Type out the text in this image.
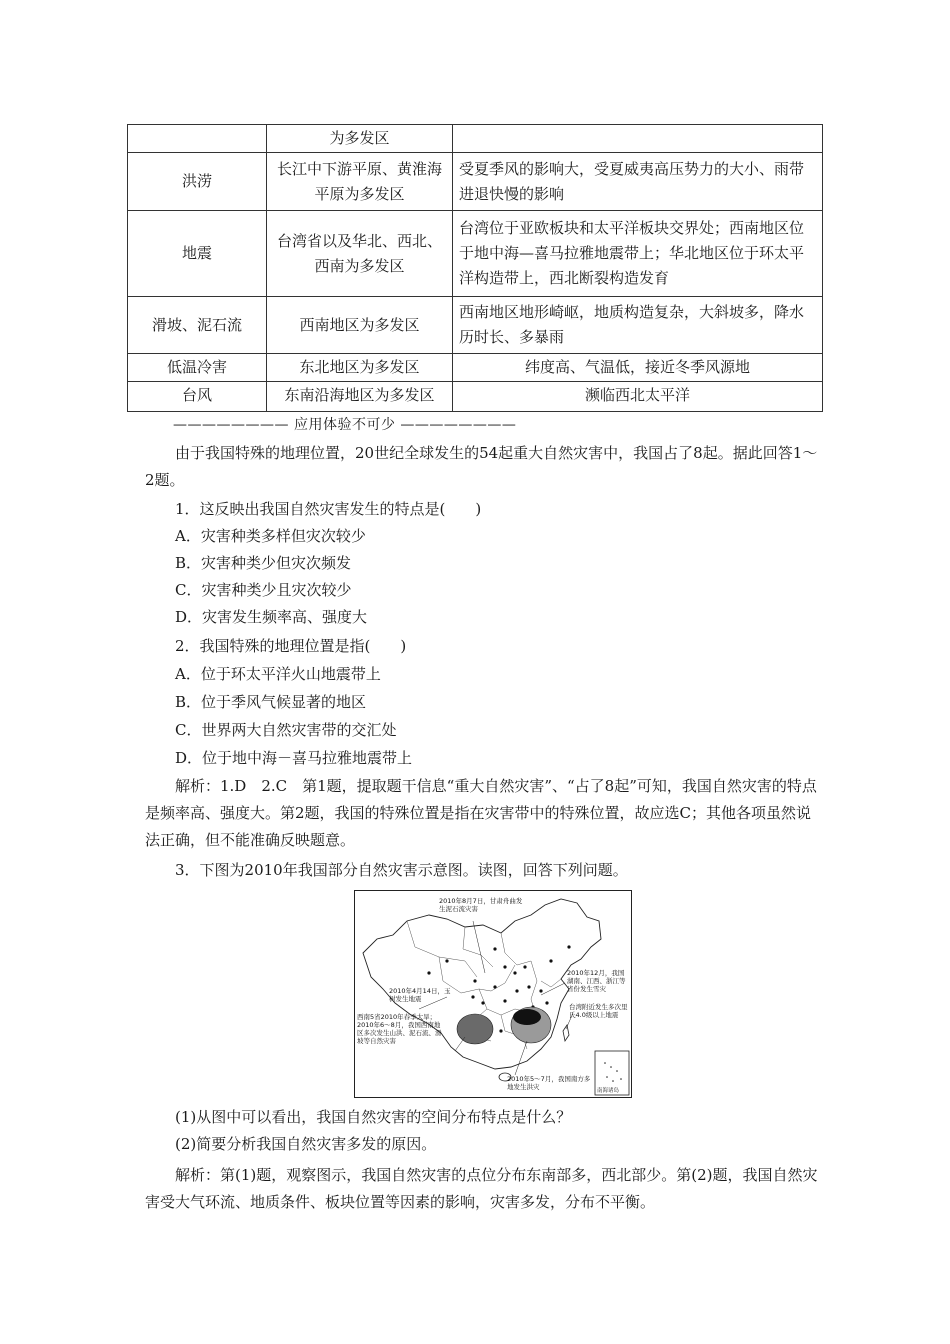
	为多发区	
洪涝	长江中下游平原、黄淮海平原为多发区	受夏季风的影响大，受夏威夷高压势力的大小、雨带进退快慢的影响
地震	台湾省以及华北、西北、西南为多发区	台湾位于亚欧板块和太平洋板块交界处；西南地区位于地中海—喜马拉雅地震带上；华北地区位于环太平洋构造带上，西北断裂构造发育
滑坡、泥石流	西南地区为多发区	西南地区地形崎岖，地质构造复杂，大斜坡多，降水历时长、多暴雨
低温冷害	东北地区为多发区	纬度高、气温低，接近冬季风源地
台风	东南沿海地区为多发区	濒临西北太平洋
———————— 应用体验不可少 ————————
由于我国特殊的地理位置，20世纪全球发生的54起重大自然灾害中，我国占了8起。据此回答1～2题。
1．这反映出我国自然灾害发生的特点是(　　)
A．灾害种类多样但灾次较少
B．灾害种类少但灾次频发
C．灾害种类少且灾次较少
D．灾害发生频率高、强度大
2．我国特殊的地理位置是指(　　)
A．位于环太平洋火山地震带上
B．位于季风气候显著的地区
C．世界两大自然灾害带的交汇处
D．位于地中海－喜马拉雅地震带上
解析：1.D　2.C　第1题，提取题干信息“重大自然灾害”、“占了8起”可知，我国自然灾害的特点是频率高、强度大。第2题，我国的特殊位置是指在灾害带中的特殊位置，故应选C；其他各项虽然说法正确，但不能准确反映题意。
3．下图为2010年我国部分自然灾害示意图。读图，回答下列问题。
2010年8月7日，甘肃舟曲发生泥石流灾害
2010年4月14日，玉树发生地震
2010年12月，我国湖南、江西、浙江等省份发生雪灾
台湾附近发生多次里氏4.0级以上地震
西南5省2010年春季大旱；2010年6～8月，我国西南地区多次发生山洪、泥石流、滑坡等自然灾害
2010年5～7月，我国南方多地发生洪灾	南海诸岛
(1)从图中可以看出，我国自然灾害的空间分布特点是什么？
(2)简要分析我国自然灾害多发的原因。
解析：第(1)题，观察图示，我国自然灾害的点位分布东南部多，西北部少。第(2)题，我国自然灾害受大气环流、地质条件、板块位置等因素的影响，灾害多发，分布不平衡。
